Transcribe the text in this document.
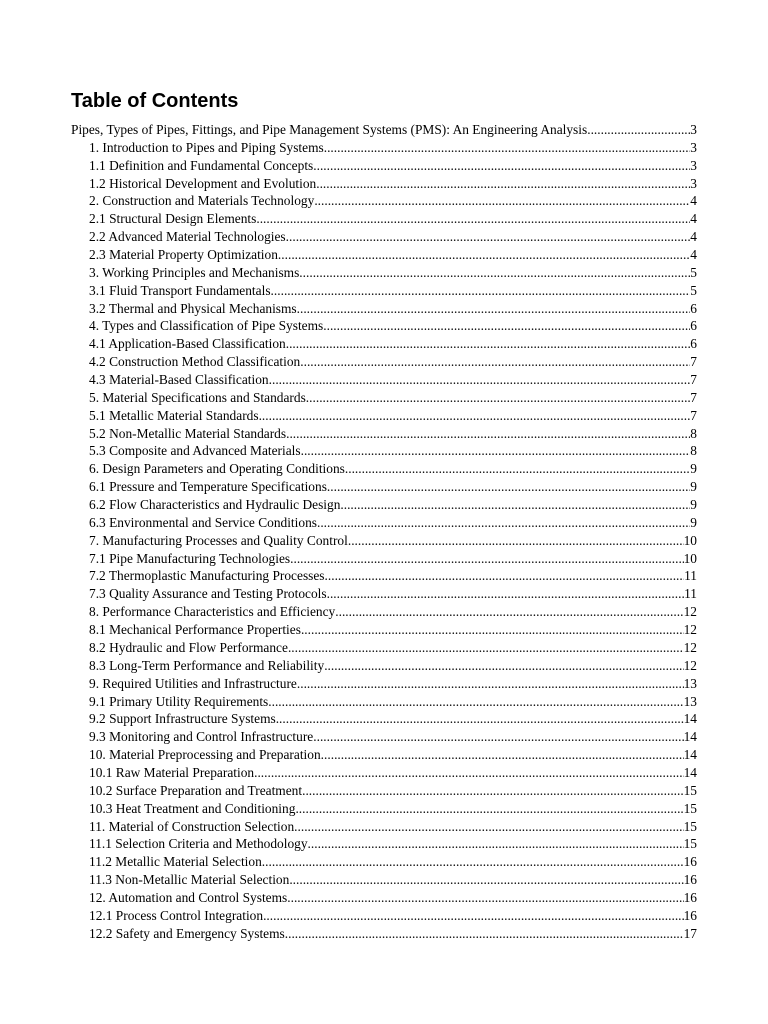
Table of Contents
Pipes, Types of Pipes, Fittings, and Pipe Management Systems (PMS): An Engineering Analysis .....	3
1. Introduction to Pipes and Piping Systems .....	3
1.1 Definition and Fundamental Concepts .....	3
1.2 Historical Development and Evolution .....	3
2. Construction and Materials Technology .....	4
2.1 Structural Design Elements .....	4
2.2 Advanced Material Technologies .....	4
2.3 Material Property Optimization .....	4
3. Working Principles and Mechanisms .....	5
3.1 Fluid Transport Fundamentals .....	5
3.2 Thermal and Physical Mechanisms .....	6
4. Types and Classification of Pipe Systems .....	6
4.1 Application-Based Classification .....	6
4.2 Construction Method Classification .....	7
4.3 Material-Based Classification .....	7
5. Material Specifications and Standards .....	7
5.1 Metallic Material Standards .....	7
5.2 Non-Metallic Material Standards .....	8
5.3 Composite and Advanced Materials .....	8
6. Design Parameters and Operating Conditions .....	9
6.1 Pressure and Temperature Specifications .....	9
6.2 Flow Characteristics and Hydraulic Design .....	9
6.3 Environmental and Service Conditions .....	9
7. Manufacturing Processes and Quality Control .....	10
7.1 Pipe Manufacturing Technologies .....	10
7.2 Thermoplastic Manufacturing Processes .....	11
7.3 Quality Assurance and Testing Protocols .....	11
8. Performance Characteristics and Efficiency .....	12
8.1 Mechanical Performance Properties .....	12
8.2 Hydraulic and Flow Performance .....	12
8.3 Long-Term Performance and Reliability .....	12
9. Required Utilities and Infrastructure .....	13
9.1 Primary Utility Requirements .....	13
9.2 Support Infrastructure Systems .....	14
9.3 Monitoring and Control Infrastructure .....	14
10. Material Preprocessing and Preparation .....	14
10.1 Raw Material Preparation .....	14
10.2 Surface Preparation and Treatment .....	15
10.3 Heat Treatment and Conditioning .....	15
11. Material of Construction Selection .....	15
11.1 Selection Criteria and Methodology .....	15
11.2 Metallic Material Selection .....	16
11.3 Non-Metallic Material Selection .....	16
12. Automation and Control Systems .....	16
12.1 Process Control Integration .....	16
12.2 Safety and Emergency Systems .....	17
